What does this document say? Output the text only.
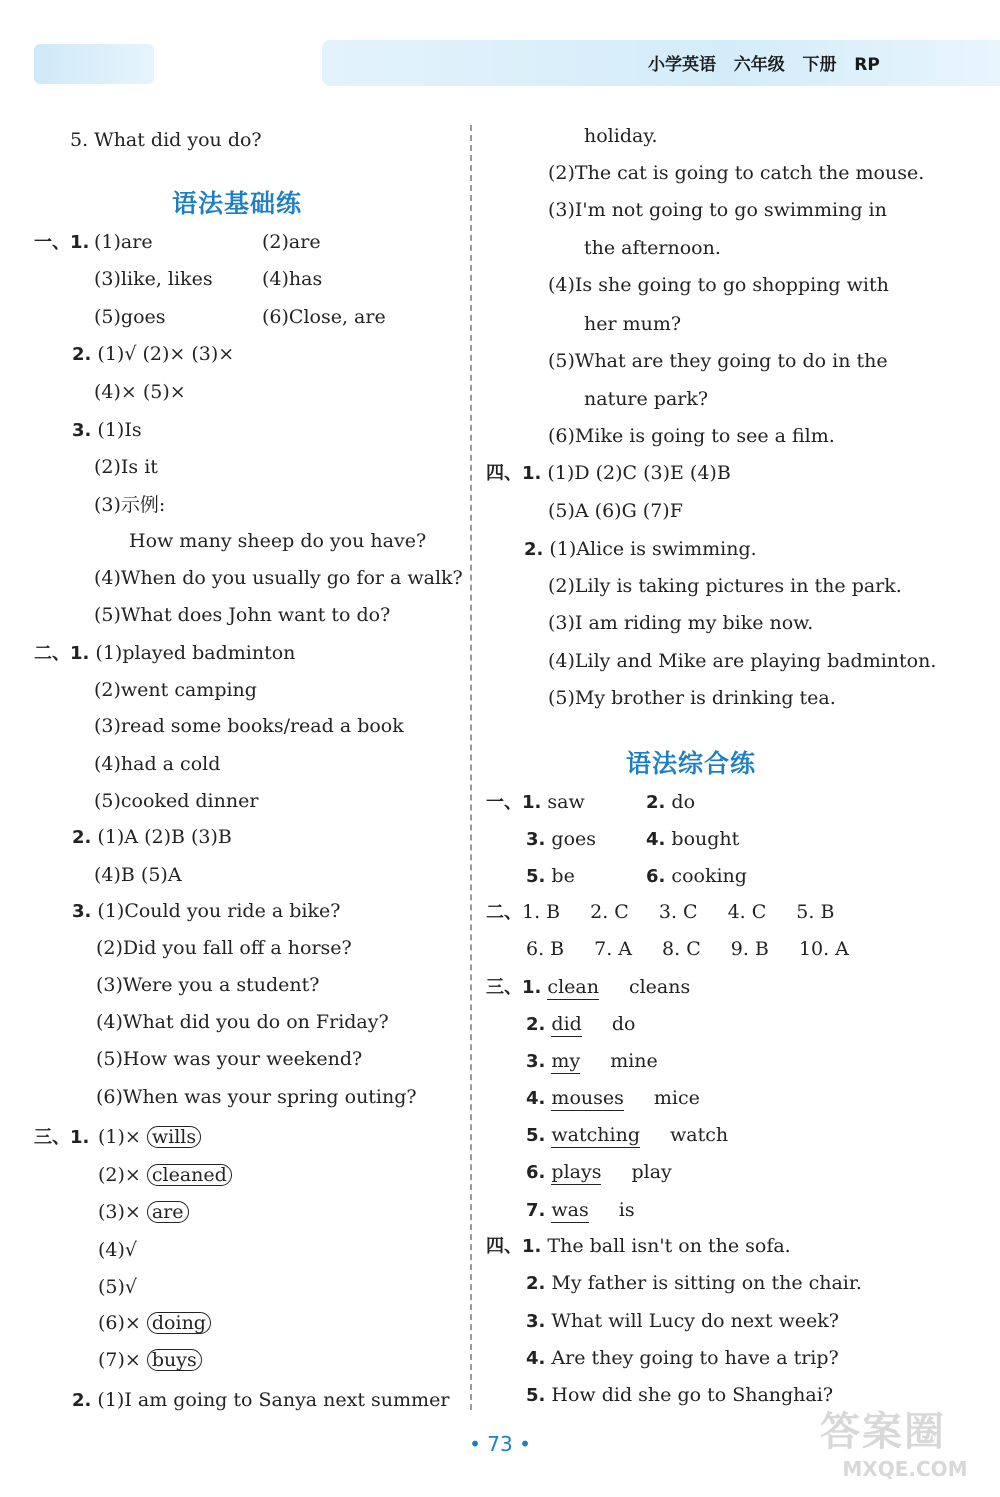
小学英语   六年级   下册   RP
5. What did you do?
语法基础练
一、1. (1)are	(2)are
(3)like, likes	(4)has
(5)goes	(6)Close, are
2. (1)√ (2)× (3)×
(4)× (5)×
3. (1)Is
(2)Is it
(3)示例:
How many sheep do you have?
(4)When do you usually go for a walk?
(5)What does John want to do?
二、1. (1)played badminton
(2)went camping
(3)read some books/read a book
(4)had a cold
(5)cooked dinner
2. (1)A (2)B (3)B
(4)B (5)A
3. (1)Could you ride a bike?
(2)Did you fall off a horse?
(3)Were you a student?
(4)What did you do on Friday?
(5)How was your weekend?
(6)When was your spring outing?
三、1. (1)× wills
(2)× cleaned
(3)× are
(4)√
(5)√
(6)× doing
(7)× buys
2. (1)I am going to Sanya next summer
holiday.
(2)The cat is going to catch the mouse.
(3)I'm not going to go swimming in
the afternoon.
(4)Is she going to go shopping with
her mum?
(5)What are they going to do in the
nature park?
(6)Mike is going to see a film.
四、1. (1)D (2)C (3)E (4)B
(5)A (6)G (7)F
2. (1)Alice is swimming.
(2)Lily is taking pictures in the park.
(3)I am riding my bike now.
(4)Lily and Mike are playing badminton.
(5)My brother is drinking tea.
语法综合练
一、1. saw	2. do
3. goes	4. bought
5. be	6. cooking
二、1. B 2. C 3. C 4. C 5. B
6. B 7. A 8. C 9. B 10. A
三、1. clean cleans
2. did do
3. my mine
4. mouses mice
5. watching watch
6. plays play
7. was is
四、1. The ball isn't on the sofa.
2. My father is sitting on the chair.
3. What will Lucy do next week?
4. Are they going to have a trip?
5. How did she go to Shanghai?
• 73 •	答案圈
MXQE.COM
